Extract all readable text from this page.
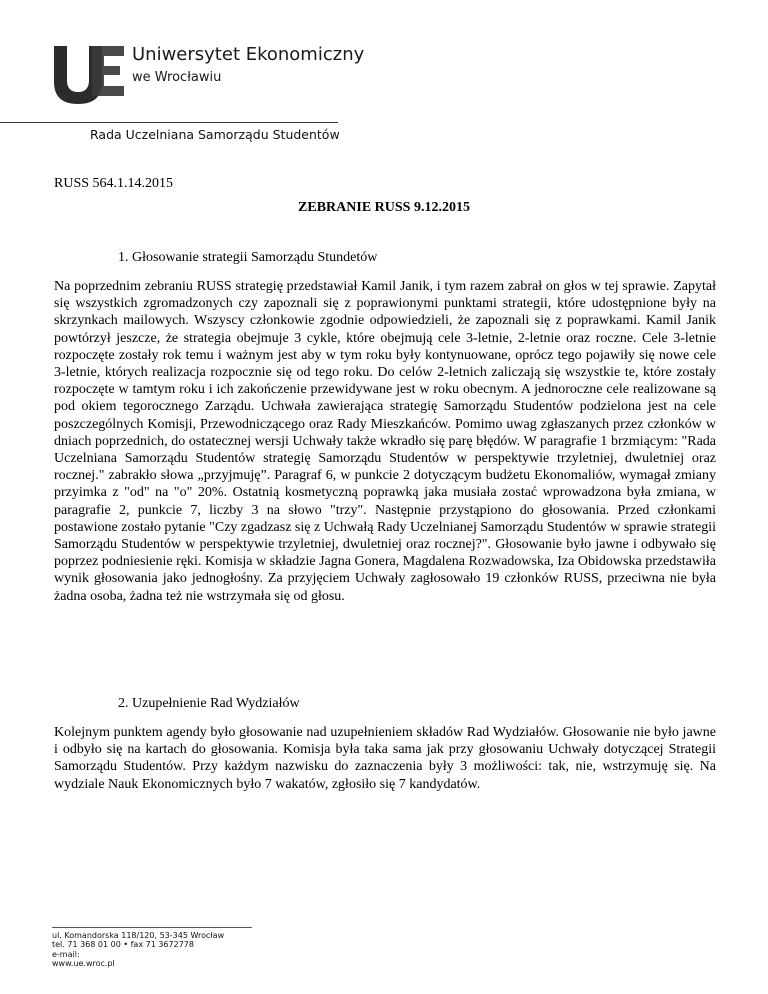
Uniwersytet Ekonomiczny
we Wrocławiu
Rada Uczelniana Samorządu Studentów
RUSS 564.1.14.2015
ZEBRANIE RUSS 9.12.2015
1. Głosowanie strategii Samorządu Stundetów
Na poprzednim zebraniu RUSS strategię przedstawiał Kamil Janik, i tym razem zabrał on głos w tej sprawie. Zapytał się wszystkich zgromadzonych czy zapoznali się z poprawionymi punktami strategii, które udostępnione były na skrzynkach mailowych. Wszyscy członkowie zgodnie odpowiedzieli, że zapoznali się z poprawkami. Kamil Janik powtórzył jeszcze, że strategia obejmuje 3 cykle, które obejmują cele 3-letnie, 2-letnie oraz roczne. Cele 3-letnie rozpoczęte zostały rok temu i ważnym jest aby w tym roku były kontynuowane, oprócz tego pojawiły się nowe cele 3-letnie, których realizacja rozpocznie się od tego roku. Do celów 2-letnich zaliczają się wszystkie te, które zostały rozpoczęte w tamtym roku i ich zakończenie przewidywane jest w roku obecnym. A jednoroczne cele realizowane są pod okiem tegorocznego Zarządu. Uchwała zawierająca strategię Samorządu Studentów podzielona jest na cele poszczególnych Komisji, Przewodniczącego oraz Rady Mieszkańców. Pomimo uwag zgłaszanych przez członków w dniach poprzednich, do ostatecznej wersji Uchwały także wkradło się parę błędów. W paragrafie 1 brzmiącym: "Rada Uczelniana Samorządu Studentów strategię Samorządu Studentów w perspektywie trzyletniej, dwuletniej oraz rocznej." zabrakło słowa „przyjmuję”. Paragraf 6, w punkcie 2 dotyczącym budżetu Ekonomaliów, wymagał zmiany przyimka z "od" na "o" 20%. Ostatnią kosmetyczną poprawką jaka musiała zostać wprowadzona była zmiana, w paragrafie 2, punkcie 7, liczby 3 na słowo "trzy". Następnie przystąpiono do głosowania. Przed członkami postawione zostało pytanie "Czy zgadzasz się z Uchwałą Rady Uczelnianej Samorządu Studentów w sprawie strategii Samorządu Studentów w perspektywie trzyletniej, dwuletniej oraz rocznej?". Głosowanie było jawne i odbywało się poprzez podniesienie ręki. Komisja w składzie Jagna Gonera, Magdalena Rozwadowska, Iza Obidowska przedstawiła wynik głosowania jako jednogłośny. Za przyjęciem Uchwały zagłosowało 19 członków RUSS, przeciwna nie była żadna osoba, żadna też nie wstrzymała się od głosu.
2. Uzupełnienie Rad Wydziałów
Kolejnym punktem agendy było głosowanie nad uzupełnieniem składów Rad Wydziałów. Głosowanie nie było jawne i odbyło się na kartach do głosowania. Komisja była taka sama jak przy głosowaniu Uchwały dotyczącej Strategii Samorządu Studentów. Przy każdym nazwisku do zaznaczenia były 3 możliwości: tak, nie, wstrzymuję się. Na wydziale Nauk Ekonomicznych było 7 wakatów, zgłosiło się 7 kandydatów.
ul. Komandorska 118/120, 53-345 Wrocław
tel. 71 368 01 00 • fax 71 3672778
e-mail:
www.ue.wroc.pl
